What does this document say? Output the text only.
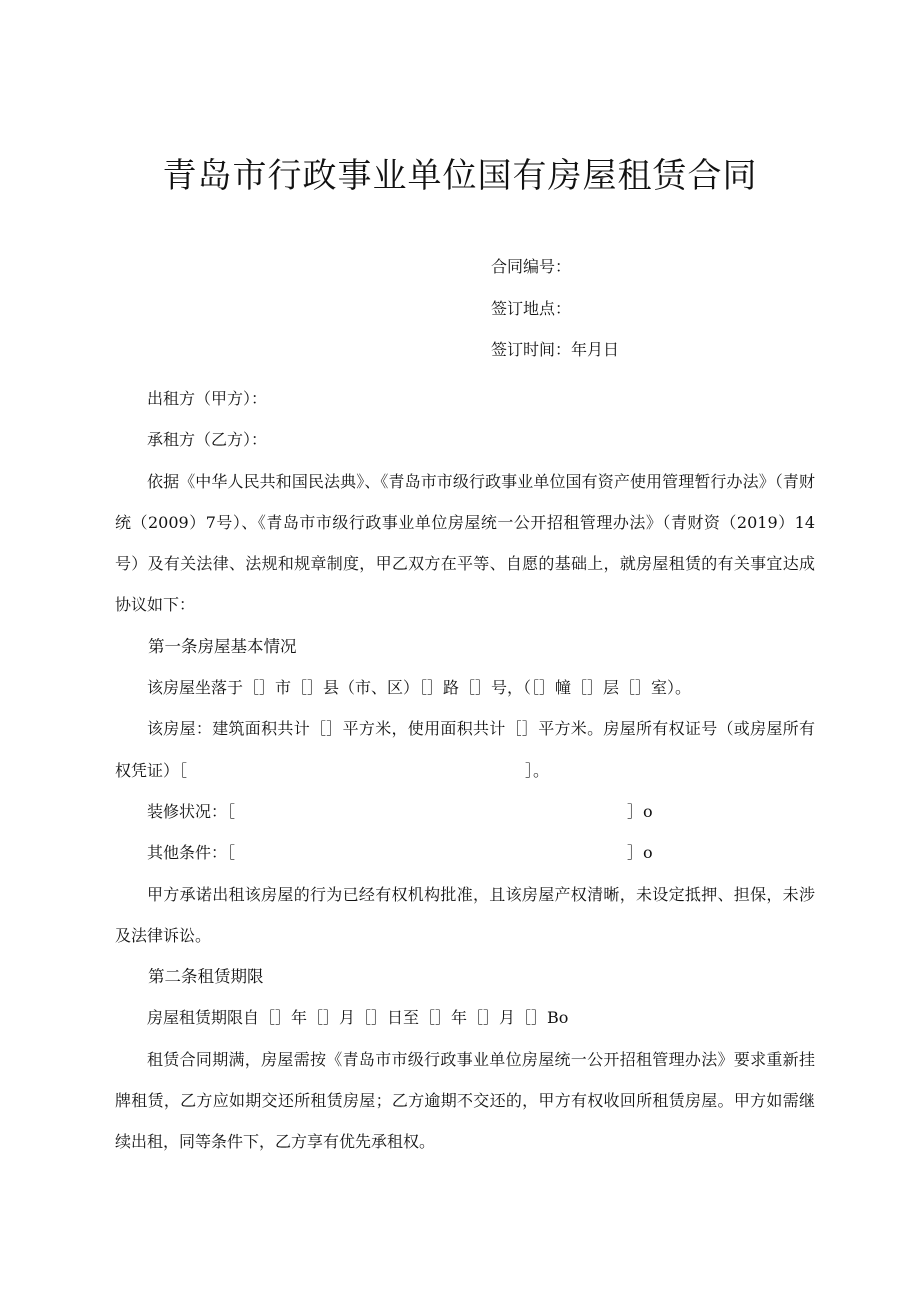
青岛市行政事业单位国有房屋租赁合同
合同编号：
签订地点：
签订时间：年月日

出租方（甲方）：

承租方（乙方）：

依据《中华人民共和国民法典》、《青岛市市级行政事业单位国有资产使用管理暂行办法》（青财统（2009）7号）、《青岛市市级行政事业单位房屋统一公开招租管理办法》（青财资（2019）14号）及有关法律、法规和规章制度，甲乙双方在平等、自愿的基础上，就房屋租赁的有关事宜达成协议如下：

第一条房屋基本情况

该房屋坐落于［］市［］县（市、区）［］路［］号，（［］幢［］层［］室）。

该房屋：建筑面积共计［］平方米，使用面积共计［］平方米。房屋所有权证号（或房屋所有权凭证）［	］。

装修状况：［	］o

其他条件：［	］o

甲方承诺出租该房屋的行为已经有权机构批准，且该房屋产权清晰，未设定抵押、担保，未涉及法律诉讼。

第二条租赁期限

房屋租赁期限自［］年［］月［］日至［］年［］月［］Bo

租赁合同期满，房屋需按《青岛市市级行政事业单位房屋统一公开招租管理办法》要求重新挂牌租赁，乙方应如期交还所租赁房屋；乙方逾期不交还的，甲方有权收回所租赁房屋。甲方如需继续出租，同等条件下，乙方享有优先承租权。
